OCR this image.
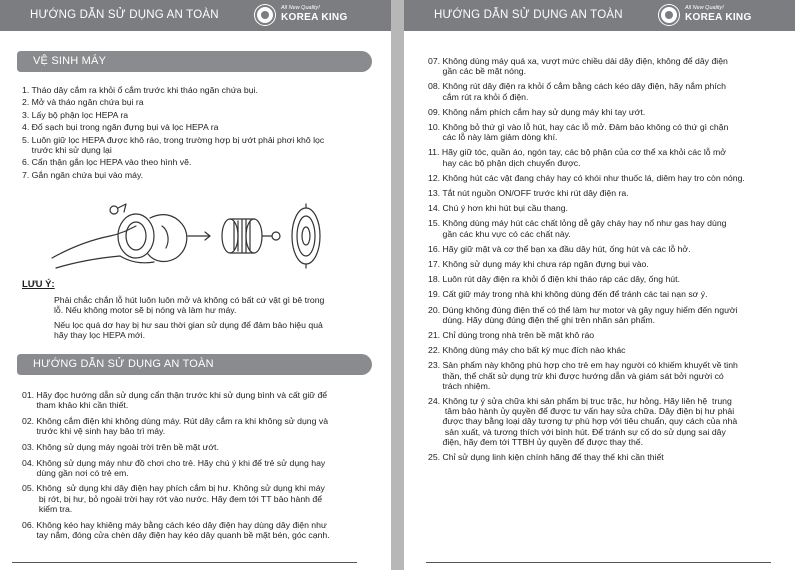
HƯỚNG DẪN SỬ DỤNG AN TOÀN
All New Quality!
KOREA KING
VỆ SINH MÁY
1. Tháo dây cắm ra khỏi ổ cắm trước khi tháo ngăn chứa bụi.
2. Mở và tháo ngăn chứa bụi ra
3. Lấy bộ phận lọc HEPA ra
4. Đổ sạch bụi trong ngăn đựng bụi và lọc HEPA ra
5. Luôn giữ lọc HEPA được khô ráo, trong trường hợp bị ướt phải phơi khô lọc
trước khi sử dụng lại
6. Cẩn thận gắn lọc HEPA vào theo hình vẽ.
7. Gắn ngăn chứa bụi vào máy.
LƯU Ý:
Phải chắc chắn lỗ hút luôn luôn mở và không có bất cứ vật gì bê trong
lỗ. Nếu không motor sẽ bị nóng và làm hư máy.
Nếu lọc quá dơ hay bị hư sau thời gian sử dụng để đảm bảo hiệu quả
hãy thay lọc HEPA mới.
HƯỚNG DẪN SỬ DỤNG AN TOÀN
01. Hãy đọc hướng dẫn sử dụng cẩn thận trước khi sử dụng bình và cất giữ để
tham khảo khi cần thiết.
02. Không cắm điện khi không dùng máy. Rút dây cắm ra khi không sử dụng và
trước khi vệ sinh hay bảo trì máy.
03. Không sử dụng máy ngoài trời trên bề mặt ướt.
04. Không sử dụng máy như đồ chơi cho trẻ. Hãy chú ý khi để trẻ sử dụng hay
dùng gần nơi có trẻ em.
05. Không  sử dụng khi dây điện hay phích cắm bị hư. Không sử dụng khi máy
bị rớt, bị hư, bỏ ngoài trời hay rớt vào nước. Hãy đem tới TT bảo hành để
kiểm tra.
06. Không kéo hay khiêng máy bằng cách kéo dây điện hay dùng dây điện như
tay nắm, đóng cửa chèn dây điện hay kéo dây quanh bề mặt bén, góc cạnh.
HƯỚNG DẪN SỬ DỤNG AN TOÀN
All New Quality!
KOREA KING
07. Không dùng máy quá xa, vượt mức chiều dài dây điện, không để dây điện
gần các bề mặt nóng.
08. Không rút dây điện ra khỏi ổ cắm bằng cách kéo dây điện, hãy nắm phích
cắm rút ra khỏi ổ điện.
09. Không nắm phích cắm hay sử dụng máy khi tay ướt.
10. Không bỏ thứ gì vào lỗ hút, hay các lỗ mở. Đảm bảo không có thứ gì chặn
các lỗ này làm giảm dòng khí.
11. Hãy giữ tóc, quần áo, ngón tay, các bộ phận của cơ thể xa khỏi các lỗ mở
hay các bộ phận dịch chuyển được.
12. Không hút các vật đang cháy hay có khói như thuốc lá, diêm hay tro còn nóng.
13. Tắt nút nguồn ON/OFF trước khi rút dây điện ra.
14. Chú ý hơn khi hút bụi cầu thang.
15. Không dùng máy hút các chất lỏng dễ gây cháy hay nổ như gas hay dùng
gần các khu vực có các chất này.
16. Hãy giữ mặt và cơ thể bạn xa đầu dây hút, ống hút và các lỗ hở.
17. Không sử dụng máy khi chưa ráp ngăn đựng bụi vào.
18. Luôn rút dây điện ra khỏi ổ điện khi tháo ráp các dây, ống hút.
19. Cất giữ máy trong nhà khi không dùng đến để tránh các tai nạn sơ ý.
20. Dùng không đúng điện thế có thể làm hư motor và gây nguy hiểm đến người
dùng. Hãy dùng đúng điện thế ghi trên nhãn sản phẩm.
21. Chỉ dùng trong nhà trên bề mặt khô ráo
22. Không dùng máy cho bất kỳ mục đích nào khác
23. Sản phẩm này không phù hợp cho trẻ em hay người có khiếm khuyết về tinh
thần, thể chất sử dụng trừ khi được hướng dẫn và giám sát bởi người có
trách nhiệm.
24. Không tự ý sửa chữa khi sản phẩm bị trục trặc, hư hỏng. Hãy liên hệ  trung
tâm bảo hành ủy quyền để được tư vấn hay sửa chữa. Dây điện bị hư phải
được thay bằng loại dây tương tự phù hợp với tiêu chuẩn, quy cách của nhà
sản xuất, và tương thích với bình hút. Để tránh sự cố do sử dụng sai dây
điện, hãy đem tới TTBH ủy quyền để được thay thế.
25. Chỉ sử dụng linh kiện chính hãng để thay thế khi cần thiết
